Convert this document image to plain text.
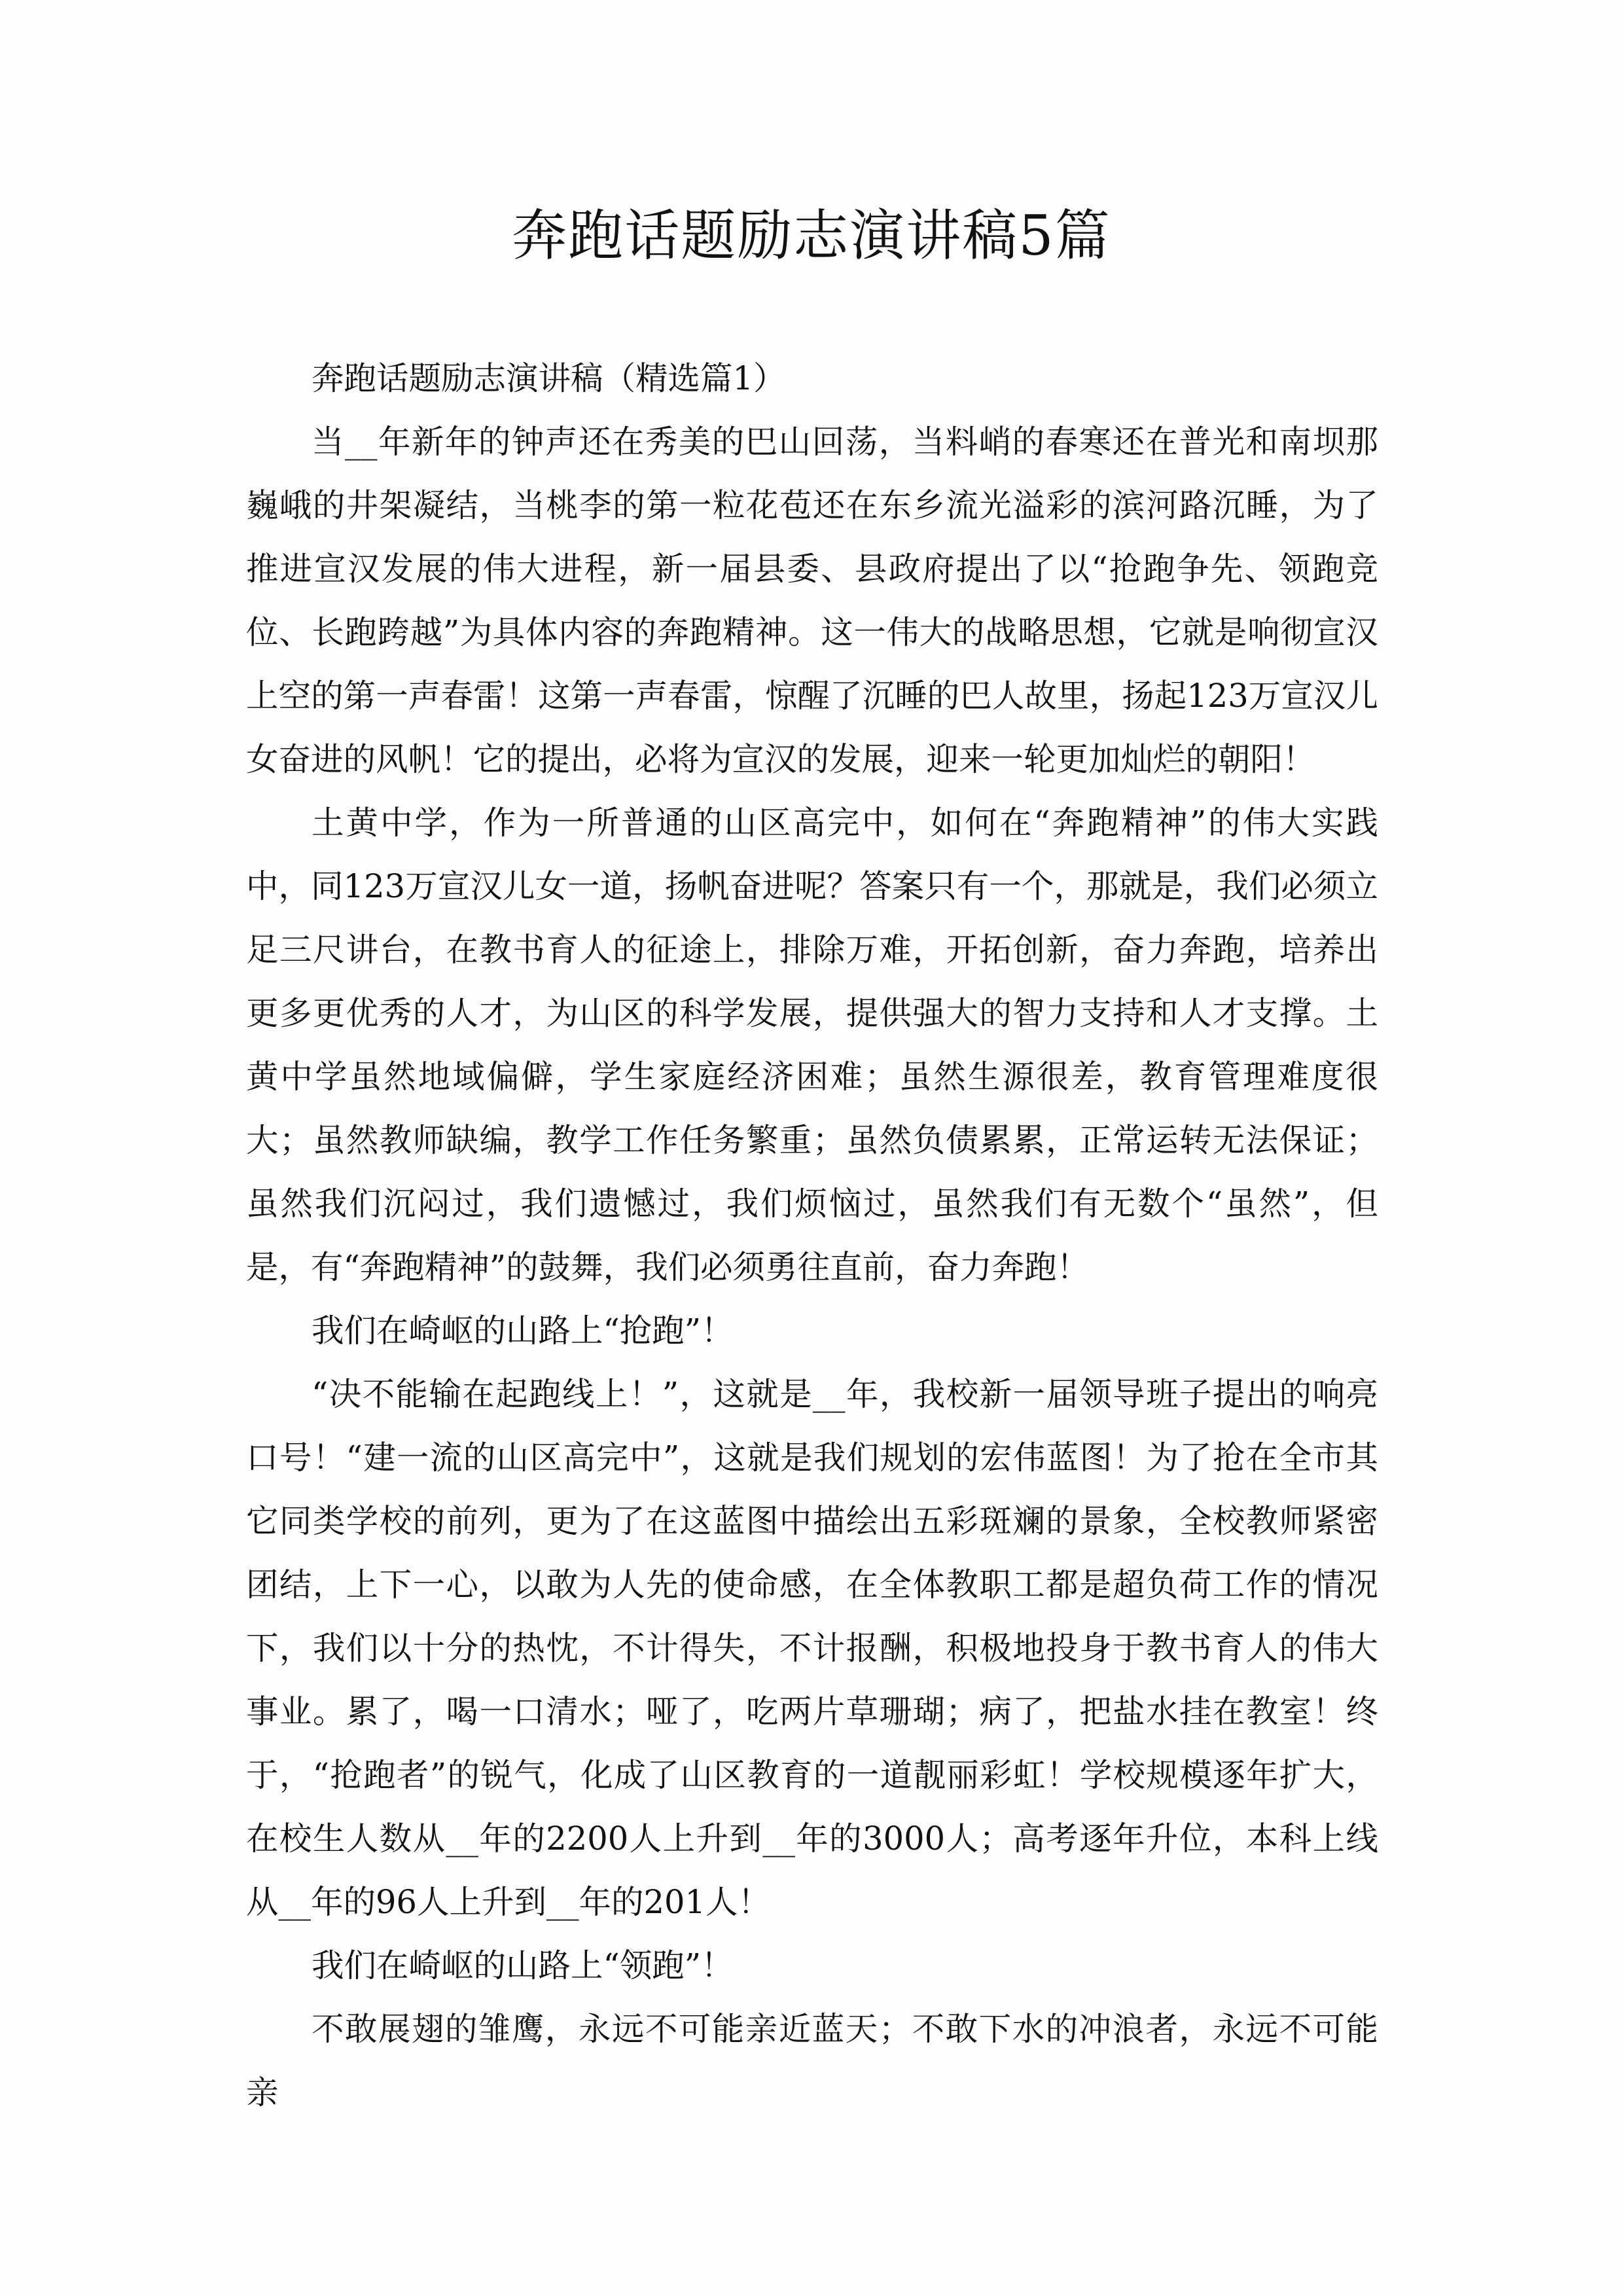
奔跑话题励志演讲稿5篇

奔跑话题励志演讲稿（精选篇1）

当__年新年的钟声还在秀美的巴山回荡，当料峭的春寒还在普光和南坝那巍峨的井架凝结，当桃李的第一粒花苞还在东乡流光溢彩的滨河路沉睡，为了推进宣汉发展的伟大进程，新一届县委、县政府提出了以“抢跑争先、领跑竞位、长跑跨越”为具体内容的奔跑精神。这一伟大的战略思想，它就是响彻宣汉上空的第一声春雷！这第一声春雷，惊醒了沉睡的巴人故里，扬起123万宣汉儿女奋进的风帆！它的提出，必将为宣汉的发展，迎来一轮更加灿烂的朝阳！

土黄中学，作为一所普通的山区高完中，如何在“奔跑精神”的伟大实践中，同123万宣汉儿女一道，扬帆奋进呢？答案只有一个，那就是，我们必须立足三尺讲台，在教书育人的征途上，排除万难，开拓创新，奋力奔跑，培养出更多更优秀的人才，为山区的科学发展，提供强大的智力支持和人才支撑。土黄中学虽然地域偏僻，学生家庭经济困难；虽然生源很差，教育管理难度很大；虽然教师缺编，教学工作任务繁重；虽然负债累累，正常运转无法保证；虽然我们沉闷过，我们遗憾过，我们烦恼过，虽然我们有无数个“虽然”，但是，有“奔跑精神”的鼓舞，我们必须勇往直前，奋力奔跑！

我们在崎岖的山路上“抢跑”！

“决不能输在起跑线上！”，这就是__年，我校新一届领导班子提出的响亮口号！“建一流的山区高完中”，这就是我们规划的宏伟蓝图！为了抢在全市其它同类学校的前列，更为了在这蓝图中描绘出五彩斑斓的景象，全校教师紧密团结，上下一心，以敢为人先的使命感，在全体教职工都是超负荷工作的情况下，我们以十分的热忱，不计得失，不计报酬，积极地投身于教书育人的伟大事业。累了，喝一口清水；哑了，吃两片草珊瑚；病了，把盐水挂在教室！终于，“抢跑者”的锐气，化成了山区教育的一道靓丽彩虹！学校规模逐年扩大，在校生人数从__年的2200人上升到__年的3000人；高考逐年升位，本科上线从__年的96人上升到__年的201人！

我们在崎岖的山路上“领跑”！

不敢展翅的雏鹰，永远不可能亲近蓝天；不敢下水的冲浪者，永远不可能亲
